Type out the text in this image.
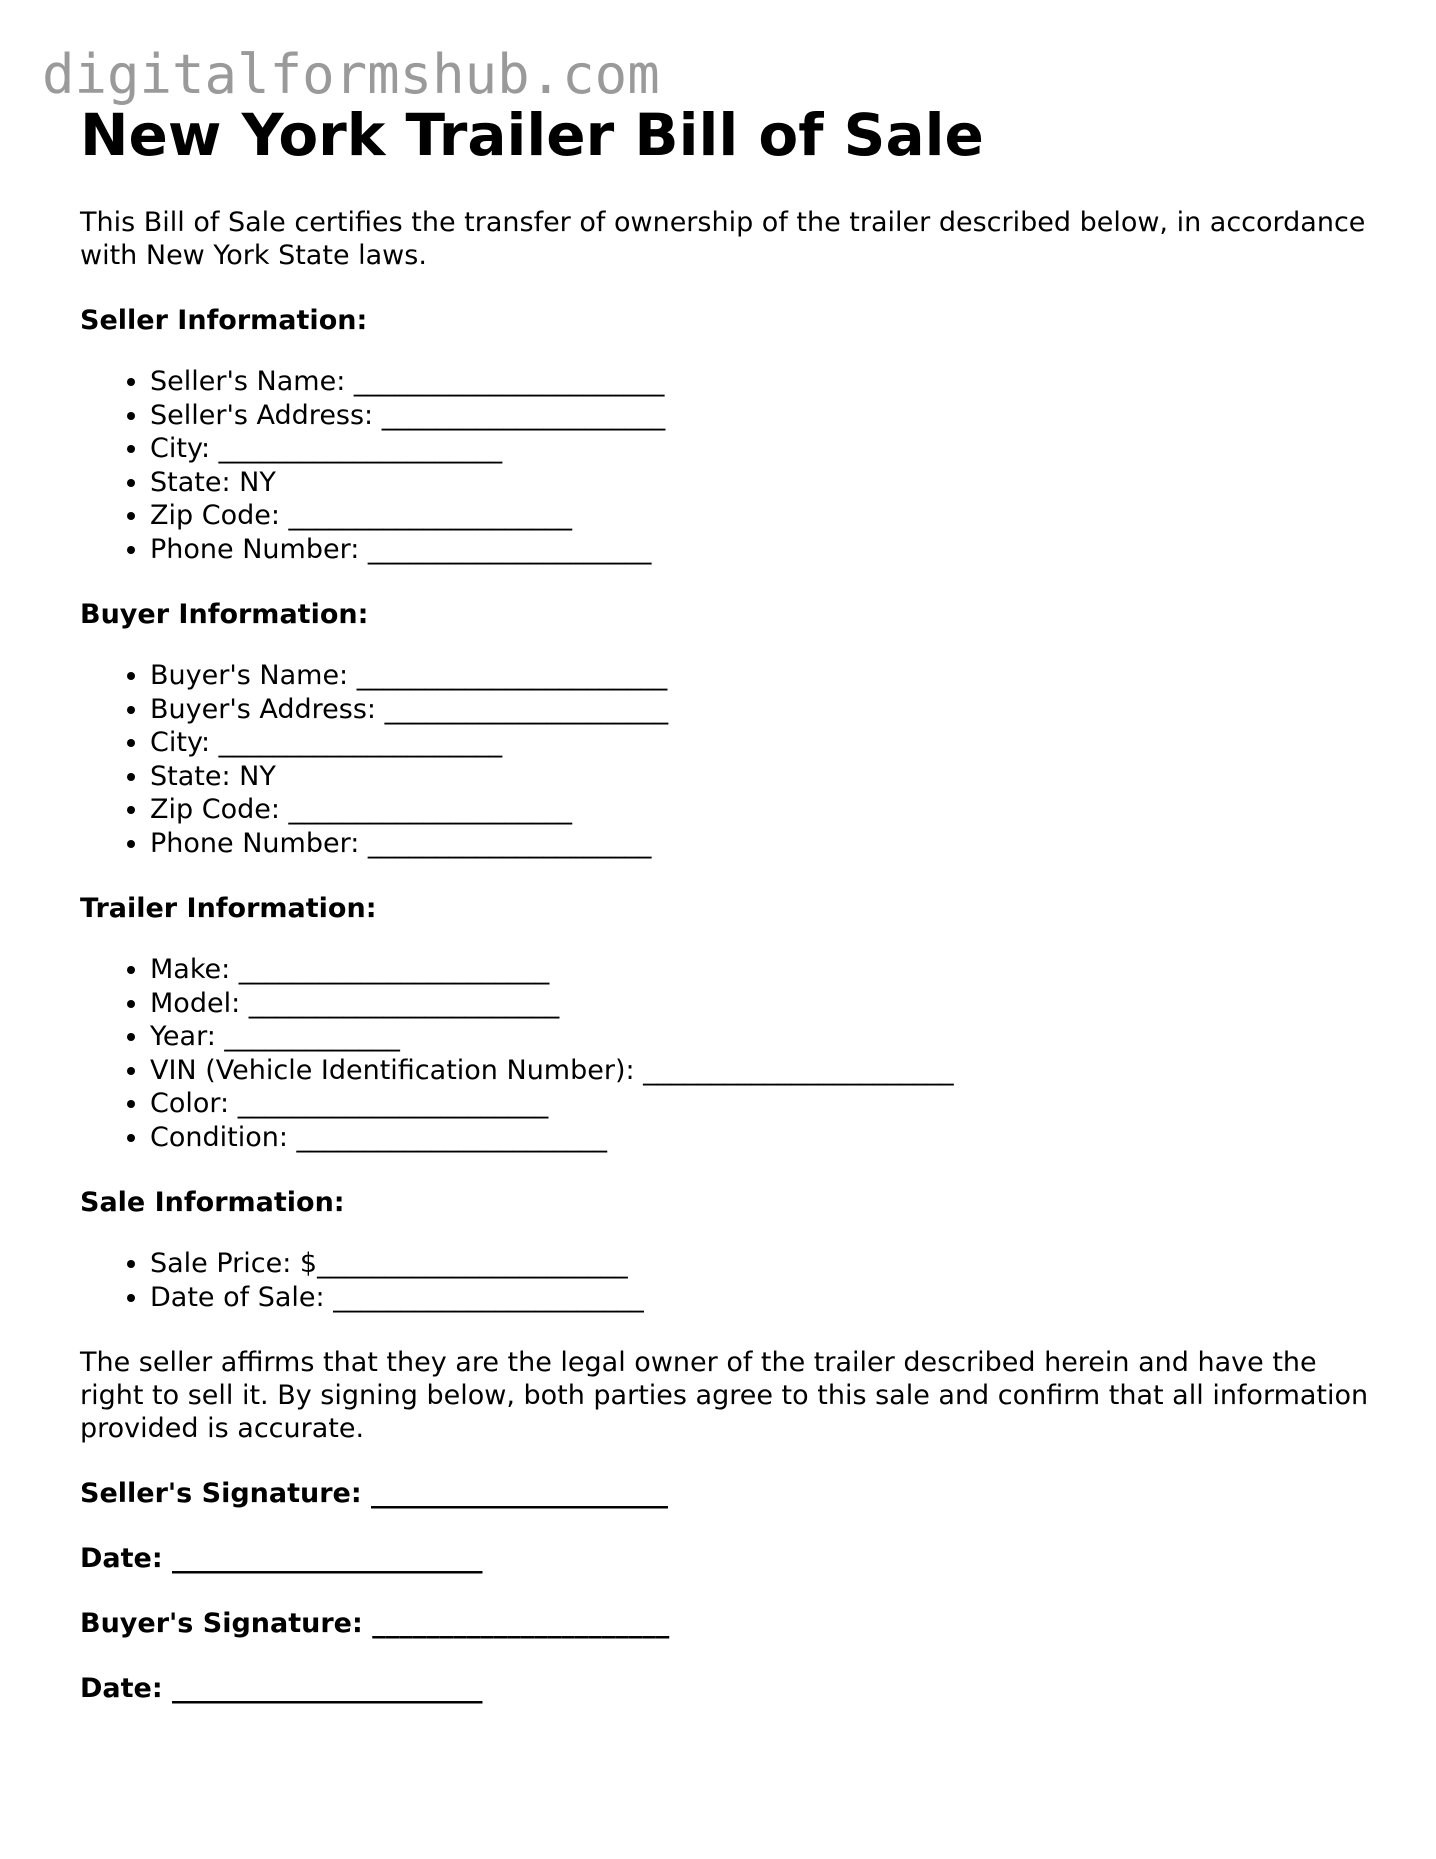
digitalformshub.com
New York Trailer Bill of Sale

This Bill of Sale certifies the transfer of ownership of the trailer described below, in accordance with New York State laws.

Seller Information:

• Seller's Name: _______________________
• Seller's Address: _____________________
• City: _____________________
• State: NY
• Zip Code: _____________________
• Phone Number: _____________________

Buyer Information:

• Buyer's Name: _______________________
• Buyer's Address: _____________________
• City: _____________________
• State: NY
• Zip Code: _____________________
• Phone Number: _____________________

Trailer Information:

• Make: _______________________
• Model: _______________________
• Year: _____________
• VIN (Vehicle Identification Number): _______________________
• Color: _______________________
• Condition: _______________________

Sale Information:

• Sale Price: $_______________________
• Date of Sale: _______________________

The seller affirms that they are the legal owner of the trailer described herein and have the right to sell it. By signing below, both parties agree to this sale and confirm that all information provided is accurate.

Seller's Signature: ______________________

Date: _______________________

Buyer's Signature: ______________________

Date: _______________________
